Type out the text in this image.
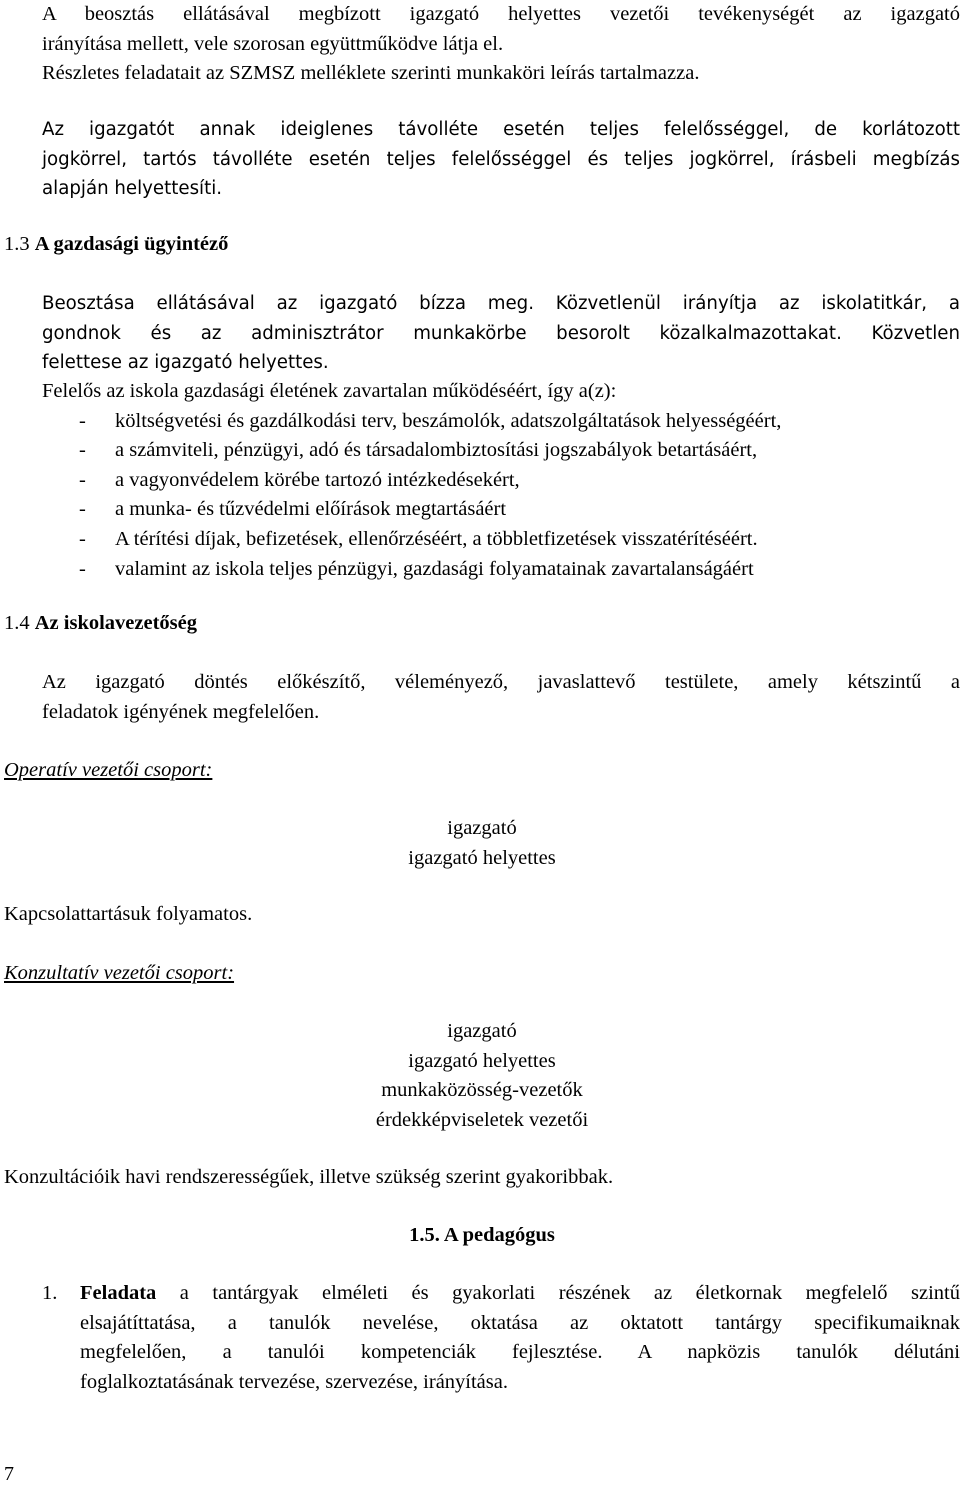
A beosztás ellátásával megbízott igazgató helyettes vezetői tevékenységét az igazgató
irányítása mellett, vele szorosan együttműködve látja el.
Részletes feladatait az SZMSZ melléklete szerinti munkaköri leírás tartalmazza.
Az igazgatót annak ideiglenes távolléte esetén teljes felelősséggel, de korlátozott
jogkörrel, tartós távolléte esetén teljes felelősséggel és teljes jogkörrel, írásbeli megbízás
alapján helyettesíti.
1.3 A gazdasági ügyintéző
Beosztása ellátásával az igazgató bízza meg. Közvetlenül irányítja az iskolatitkár, a
gondnok és az adminisztrátor munkakörbe besorolt közalkalmazottakat. Közvetlen
felettese az igazgató helyettes.
Felelős az iskola gazdasági életének zavartalan működéséért, így a(z):
- költségvetési és gazdálkodási terv, beszámolók, adatszolgáltatások helyességéért,
- a számviteli, pénzügyi, adó és társadalombiztosítási jogszabályok betartásáért,
- a vagyonvédelem körébe tartozó intézkedésekért,
- a munka- és tűzvédelmi előírások megtartásáért
- A térítési díjak, befizetések, ellenőrzéséért, a többletfizetések visszatérítéséért.
- valamint az iskola teljes pénzügyi, gazdasági folyamatainak zavartalanságáért
1.4 Az iskolavezetőség
Az igazgató döntés előkészítő, véleményező, javaslattevő testülete, amely kétszintű a
feladatok igényének megfelelően.
Operatív vezetői csoport:
igazgató
igazgató helyettes
Kapcsolattartásuk folyamatos.
Konzultatív vezetői csoport:
igazgató
igazgató helyettes
munkaközösség-vezetők
érdekképviseletek vezetői
Konzultációik havi rendszerességűek, illetve szükség szerint gyakoribbak.
1.5. A pedagógus
1. Feladata a tantárgyak elméleti és gyakorlati részének az életkornak megfelelő szintű
elsajátíttatása, a tanulók nevelése, oktatása az oktatott tantárgy specifikumaiknak
megfelelően, a tanulói kompetenciák fejlesztése. A napközis tanulók délutáni
foglalkoztatásának tervezése, szervezése, irányítása.
7
